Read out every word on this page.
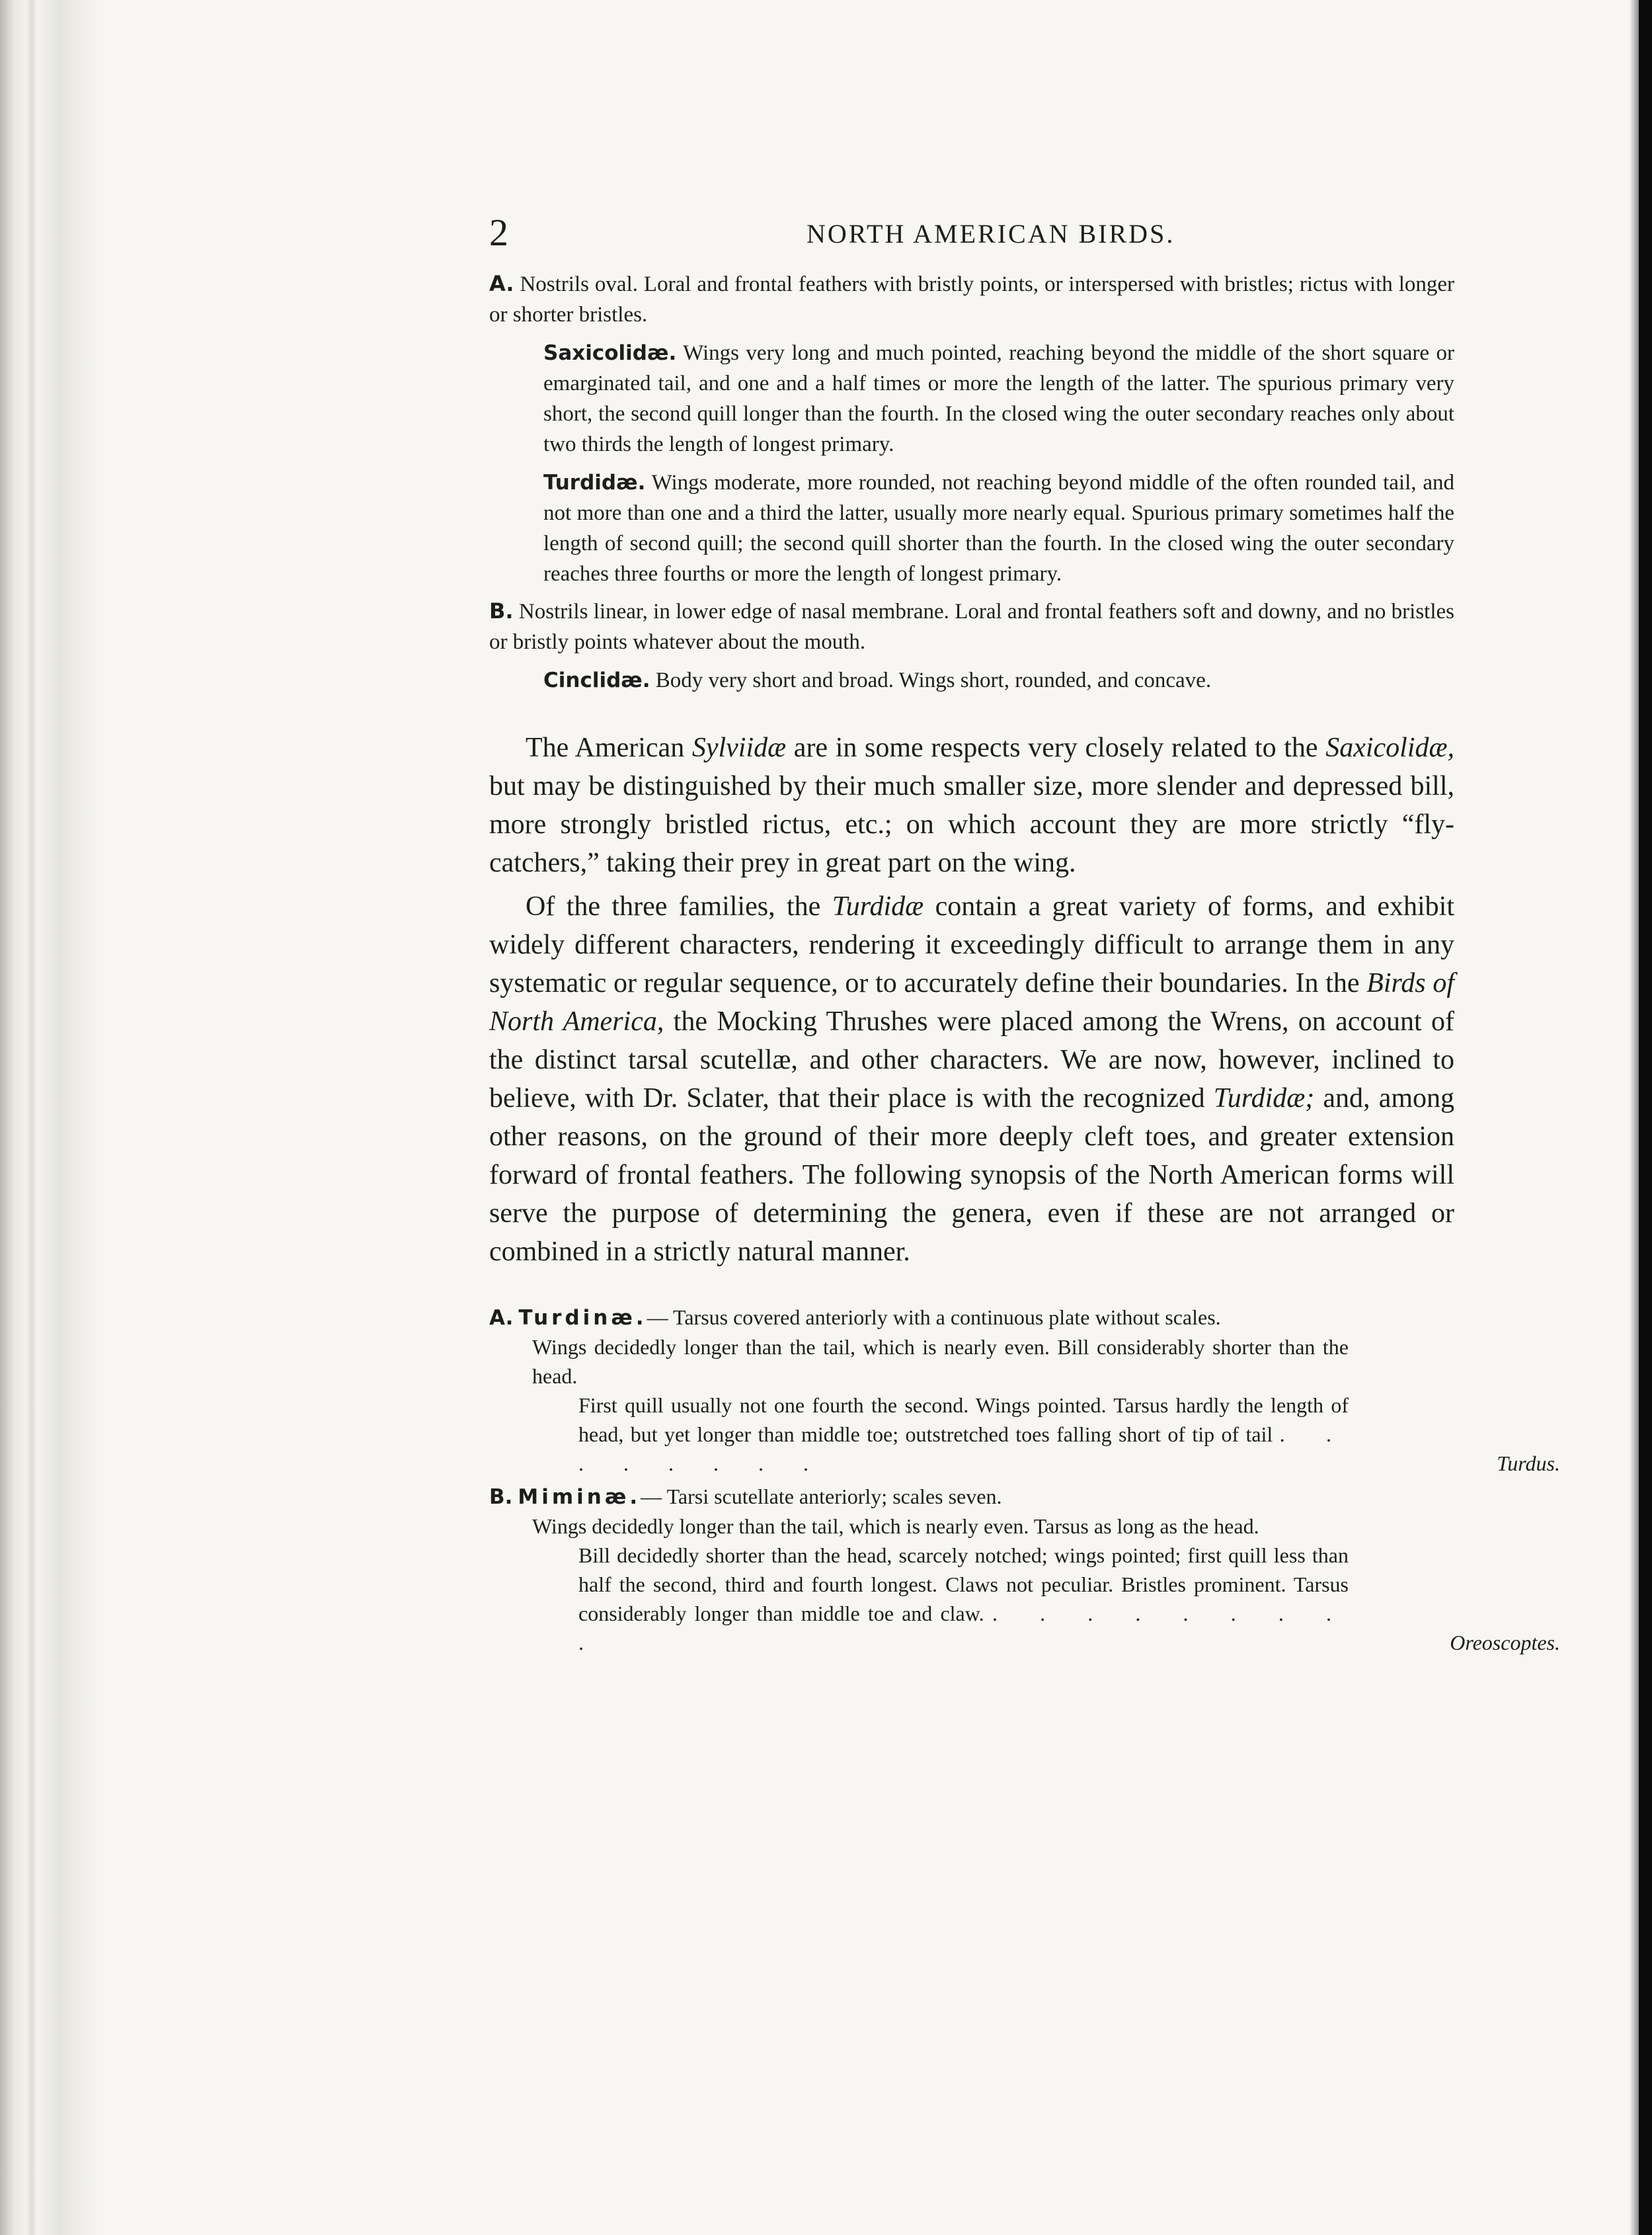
2	NORTH AMERICAN BIRDS.

A. Nostrils oval. Loral and frontal feathers with bristly points, or interspersed with bristles; rictus with longer or shorter bristles.

Saxicolidæ. Wings very long and much pointed, reaching beyond the middle of the short square or emarginated tail, and one and a half times or more the length of the latter. The spurious primary very short, the second quill longer than the fourth. In the closed wing the outer secondary reaches only about two thirds the length of longest primary.

Turdidæ. Wings moderate, more rounded, not reaching beyond middle of the often rounded tail, and not more than one and a third the latter, usually more nearly equal. Spurious primary sometimes half the length of second quill; the second quill shorter than the fourth. In the closed wing the outer secondary reaches three fourths or more the length of longest primary.

B. Nostrils linear, in lower edge of nasal membrane. Loral and frontal feathers soft and downy, and no bristles or bristly points whatever about the mouth.

Cinclidæ. Body very short and broad. Wings short, rounded, and concave.

The American Sylviidæ are in some respects very closely related to the Saxicolidæ, but may be distinguished by their much smaller size, more slender and depressed bill, more strongly bristled rictus, etc.; on which account they are more strictly “fly-catchers,” taking their prey in great part on the wing.

Of the three families, the Turdidæ contain a great variety of forms, and exhibit widely different characters, rendering it exceedingly difficult to arrange them in any systematic or regular sequence, or to accurately define their boundaries. In the Birds of North America, the Mocking Thrushes were placed among the Wrens, on account of the distinct tarsal scutellæ, and other characters. We are now, however, inclined to believe, with Dr. Sclater, that their place is with the recognized Turdidæ; and, among other reasons, on the ground of their more deeply cleft toes, and greater extension forward of frontal feathers. The following synopsis of the North American forms will serve the purpose of determining the genera, even if these are not arranged or combined in a strictly natural manner.

A. Turdinæ.— Tarsus covered anteriorly with a continuous plate without scales.

Wings decidedly longer than the tail, which is nearly even. Bill considerably shorter than the head.

First quill usually not one fourth the second. Wings pointed. Tarsus hardly the length of head, but yet longer than middle toe; outstretched toes falling short of tip of tail . . . . . . . .	Turdus.

B. Miminæ.— Tarsi scutellate anteriorly; scales seven.

Wings decidedly longer than the tail, which is nearly even. Tarsus as long as the head.

Bill decidedly shorter than the head, scarcely notched; wings pointed; first quill less than half the second, third and fourth longest. Claws not peculiar. Bristles prominent. Tarsus considerably longer than middle toe and claw. . . . . . . . . .	Oreoscoptes.
